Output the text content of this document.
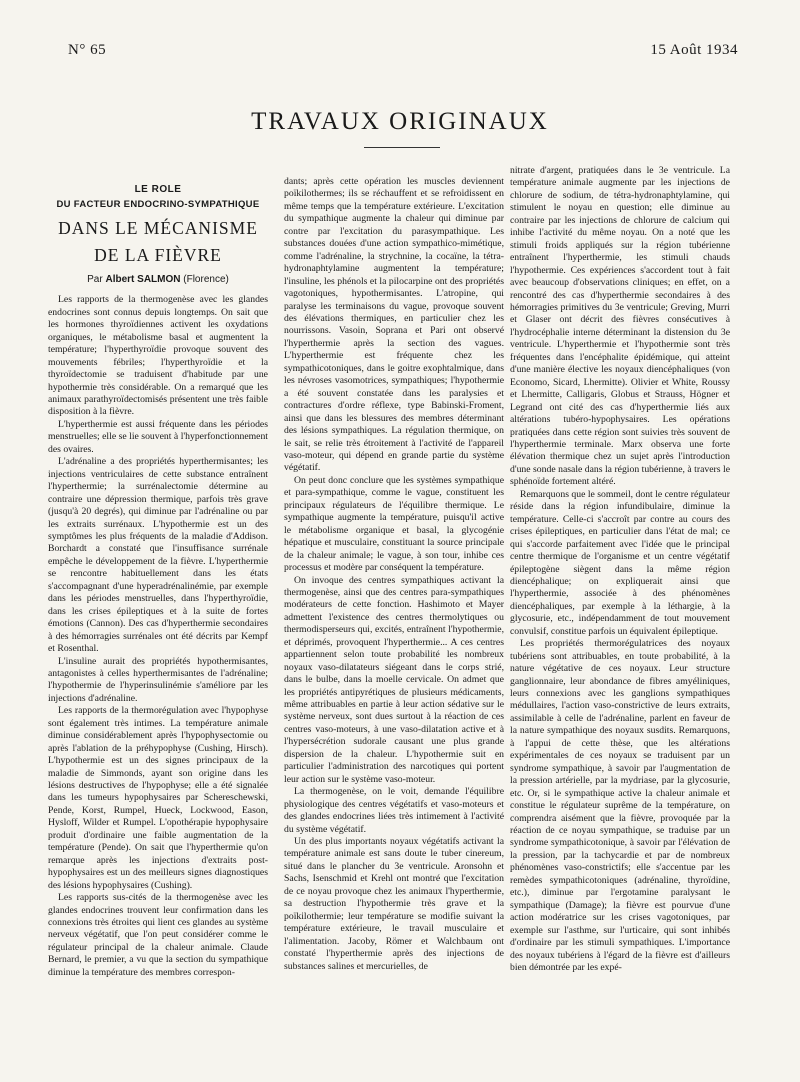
N° 65	15 Août 1934
TRAVAUX ORIGINAUX
LE ROLE
DU FACTEUR ENDOCRINO-SYMPATHIQUE
DANS LE MÉCANISME
DE LA FIÈVRE
Par Albert SALMON (Florence)

Les rapports de la thermogenèse avec les glandes endocrines sont connus depuis longtemps. On sait que les hormones thyroïdiennes activent les oxydations organiques, le métabolisme basal et augmentent la température; l'hyperthyroïdie provoque souvent des mouvements fébriles; l'hyperthyroïdie et la thyroïdectomie se traduisent d'habitude par une hypothermie très considérable. On a remarqué que les animaux parathyroïdectomisés présentent une très faible disposition à la fièvre.

L'hyperthermie est aussi fréquente dans les périodes menstruelles; elle se lie souvent à l'hyperfonctionnement des ovaires.

L'adrénaline a des propriétés hyperthermisantes; les injections ventriculaires de cette substance entraînent l'hyperthermie; la surrénalectomie détermine au contraire une dépression thermique, parfois très grave (jusqu'à 20 degrés), qui diminue par l'adrénaline ou par les extraits surrénaux. L'hypothermie est un des symptômes les plus fréquents de la maladie d'Addison. Borchardt a constaté que l'insuffisance surrénale empêche le développement de la fièvre. L'hyperthermie se rencontre habituellement dans les états s'accompagnant d'une hyperadrénalinémie, par exemple dans les périodes menstruelles, dans l'hyperthyroïdie, dans les crises épileptiques et à la suite de fortes émotions (Cannon). Des cas d'hyperthermie secondaires à des hémorragies surrénales ont été décrits par Kempf et Rosenthal.

L'insuline aurait des propriétés hypothermisantes, antagonistes à celles hyperthermisantes de l'adrénaline; l'hypothermie de l'hyperinsulinémie s'améliore par les injections d'adrénaline.

Les rapports de la thermorégulation avec l'hypophyse sont également très intimes. La température animale diminue considérablement après l'hypophysectomie ou après l'ablation de la préhypophyse (Cushing, Hirsch). L'hypothermie est un des signes principaux de la maladie de Simmonds, ayant son origine dans les lésions destructives de l'hypophyse; elle a été signalée dans les tumeurs hypophysaires par Schereschewski, Pende, Korst, Rumpel, Hueck, Lockwood, Eason, Hysloff, Wilder et Rumpel. L'opothérapie hypophysaire produit d'ordinaire une faible augmentation de la température (Pende). On sait que l'hyperthermie qu'on remarque après les injections d'extraits post-hypophysaires est un des meilleurs signes diagnostiques des lésions hypophysaires (Cushing).

Les rapports sus-cités de la thermogenèse avec les glandes endocrines trouvent leur confirmation dans les connexions très étroites qui lient ces glandes au système nerveux végétatif, que l'on peut considérer comme le régulateur principal de la chaleur animale. Claude Bernard, le premier, a vu que la section du sympathique diminue la température des membres correspon-

dants; après cette opération les muscles deviennent poïkilothermes; ils se réchauffent et se refroidissent en même temps que la température extérieure. L'excitation du sympathique augmente la chaleur qui diminue par contre par l'excitation du parasympathique. Les substances douées d'une action sympathico-mimétique, comme l'adrénaline, la strychnine, la cocaïne, la tétra-hydronaphtylamine augmentent la température; l'insuline, les phénols et la pilocarpine ont des propriétés vagotoniques, hypothermisantes. L'atropine, qui paralyse les terminaisons du vague, provoque souvent des élévations thermiques, en particulier chez les nourrissons. Vasoin, Soprana et Pari ont observé l'hyperthermie après la section des vagues. L'hyperthermie est fréquente chez les sympathicotoniques, dans le goitre exophtalmique, dans les névroses vasomotrices, sympathiques; l'hypothermie a été souvent constatée dans les paralysies et contractures d'ordre réflexe, type Babinski-Froment, ainsi que dans les blessures des membres déterminant des lésions sympathiques. La régulation thermique, on le sait, se relie très étroitement à l'activité de l'appareil vaso-moteur, qui dépend en grande partie du système végétatif.

On peut donc conclure que les systèmes sympathique et para-sympathique, comme le vague, constituent les principaux régulateurs de l'équilibre thermique. Le sympathique augmente la température, puisqu'il active le métabolisme organique et basal, la glycogénie hépatique et musculaire, constituant la source principale de la chaleur animale; le vague, à son tour, inhibe ces processus et modère par conséquent la température.

On invoque des centres sympathiques activant la thermogenèse, ainsi que des centres para-sympathiques modérateurs de cette fonction. Hashimoto et Mayer admettent l'existence des centres thermolytiques ou thermodisperseurs qui, excités, entraînent l'hypothermie, et déprimés, provoquent l'hyperthermie... A ces centres appartiennent selon toute probabilité les nombreux noyaux vaso-dilatateurs siégeant dans le corps strié, dans le bulbe, dans la moelle cervicale. On admet que les propriétés antipyrétiques de plusieurs médicaments, même attribuables en partie à leur action sédative sur le système nerveux, sont dues surtout à la réaction de ces centres vaso-moteurs, à une vaso-dilatation active et à l'hypersécrétion sudorale causant une plus grande dispersion de la chaleur. L'hypothermie suit en particulier l'administration des narcotiques qui portent leur action sur le système vaso-moteur.

La thermogenèse, on le voit, demande l'équilibre physiologique des centres végétatifs et vaso-moteurs et des glandes endocrines liées très intimement à l'activité du système végétatif.

Un des plus importants noyaux végétatifs activant la température animale est sans doute le tuber cinereum, situé dans le plancher du 3e ventricule. Aronsohn et Sachs, Isenschmid et Krehl ont montré que l'excitation de ce noyau provoque chez les animaux l'hyperthermie, sa destruction l'hypothermie très grave et la poïkilothermie; leur température se modifie suivant la température extérieure, le travail musculaire et l'alimentation. Jacoby, Römer et Walchbaum ont constaté l'hyperthermie après des injections de substances salines et mercurielles, de

nitrate d'argent, pratiquées dans le 3e ventricule. La température animale augmente par les injections de chlorure de sodium, de tétra-hydronaphtylamine, qui stimulent le noyau en question; elle diminue au contraire par les injections de chlorure de calcium qui inhibe l'activité du même noyau. On a noté que les stimuli froids appliqués sur la région tubérienne entraînent l'hyperthermie, les stimuli chauds l'hypothermie. Ces expériences s'accordent tout à fait avec beaucoup d'observations cliniques; en effet, on a rencontré des cas d'hyperthermie secondaires à des hémorragies primitives du 3e ventricule; Greving, Murri et Glaser ont décrit des fièvres consécutives à l'hydrocéphalie interne déterminant la distension du 3e ventricule. L'hyperthermie et l'hypothermie sont très fréquentes dans l'encéphalite épidémique, qui atteint d'une manière élective les noyaux diencéphaliques (von Economo, Sicard, Lhermitte). Olivier et White, Roussy et Lhermitte, Calligaris, Globus et Strauss, Högner et Legrand ont cité des cas d'hyperthermie liés aux altérations tubéro-hypophysaires. Les opérations pratiquées dans cette région sont suivies très souvent de l'hyperthermie terminale. Marx observa une forte élévation thermique chez un sujet après l'introduction d'une sonde nasale dans la région tubérienne, à travers le sphénoïde fortement altéré.

Remarquons que le sommeil, dont le centre régulateur réside dans la région infundibulaire, diminue la température. Celle-ci s'accroît par contre au cours des crises épileptiques, en particulier dans l'état de mal; ce qui s'accorde parfaitement avec l'idée que le principal centre thermique de l'organisme et un centre végétatif épileptogène siègent dans la même région diencéphalique; on expliquerait ainsi que l'hyperthermie, associée à des phénomènes diencéphaliques, par exemple à la léthargie, à la glycosurie, etc., indépendamment de tout mouvement convulsif, constitue parfois un équivalent épileptique.

Les propriétés thermorégulatrices des noyaux tubériens sont attribuables, en toute probabilité, à la nature végétative de ces noyaux. Leur structure ganglionnaire, leur abondance de fibres amyéliniques, leurs connexions avec les ganglions sympathiques médullaires, l'action vaso-constrictive de leurs extraits, assimilable à celle de l'adrénaline, parlent en faveur de la nature sympathique des noyaux susdits. Remarquons, à l'appui de cette thèse, que les altérations expérimentales de ces noyaux se traduisent par un syndrome sympathique, à savoir par l'augmentation de la pression artérielle, par la mydriase, par la glycosurie, etc. Or, si le sympathique active la chaleur animale et constitue le régulateur suprême de la température, on comprendra aisément que la fièvre, provoquée par la réaction de ce noyau sympathique, se traduise par un syndrome sympathicotonique, à savoir par l'élévation de la pression, par la tachycardie et par de nombreux phénomènes vaso-constrictifs; elle s'accentue par les remèdes sympathicotoniques (adrénaline, thyroïdine, etc.), diminue par l'ergotamine paralysant le sympathique (Damage); la fièvre est pourvue d'une action modératrice sur les crises vagotoniques, par exemple sur l'asthme, sur l'urticaire, qui sont inhibés d'ordinaire par les stimuli sympathiques. L'importance des noyaux tubériens à l'égard de la fièvre est d'ailleurs bien démontrée par les expé-
